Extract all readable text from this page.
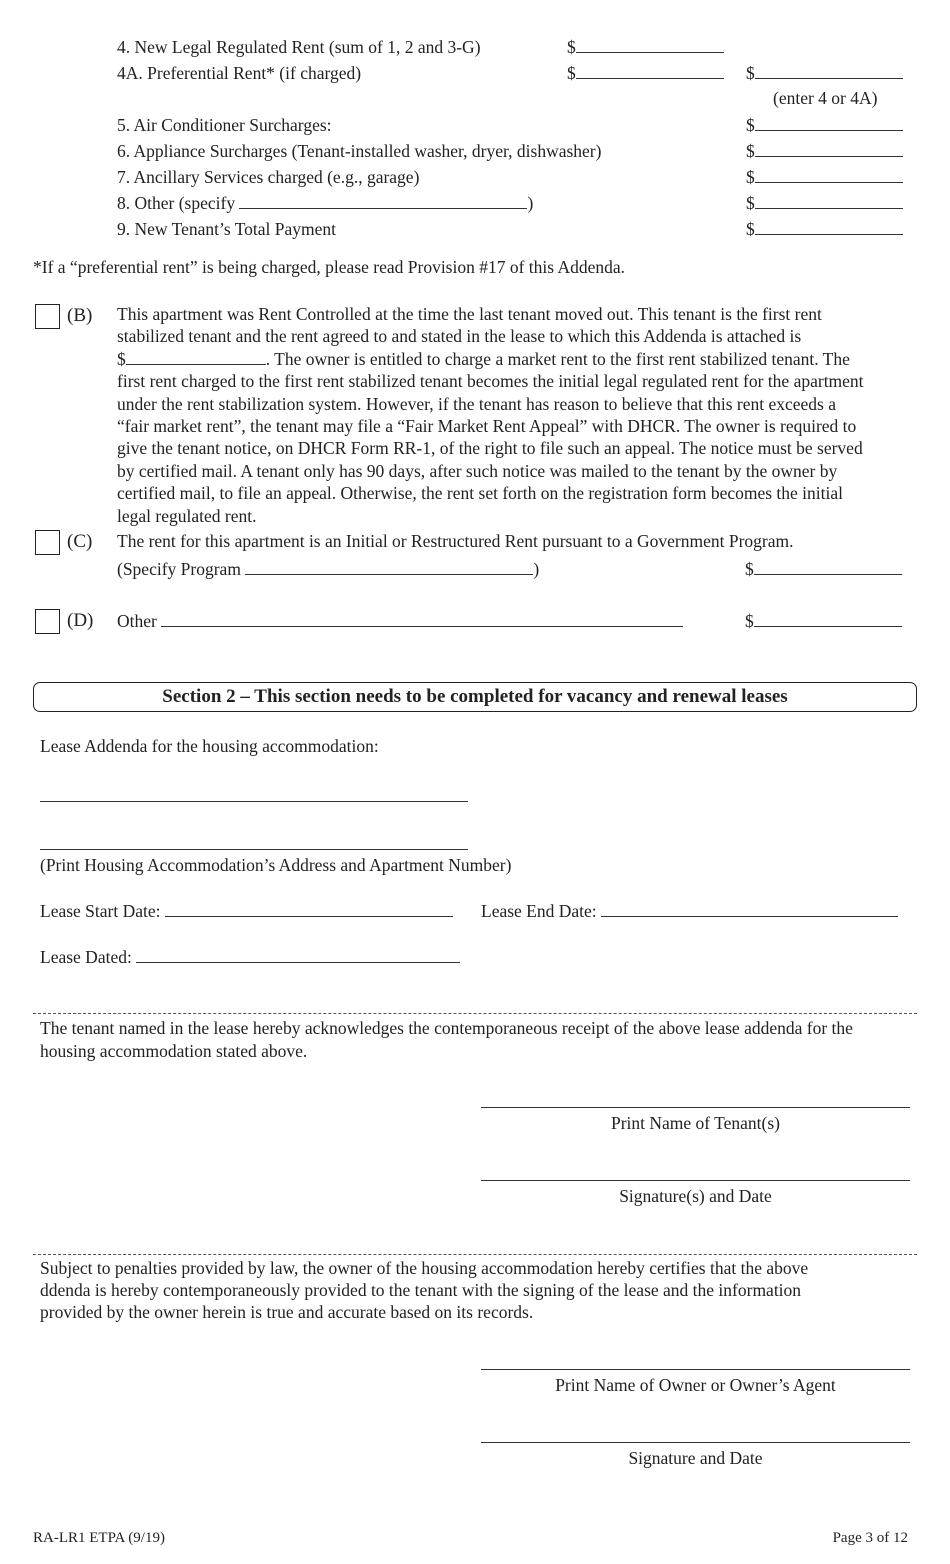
4. New Legal Regulated Rent (sum of 1, 2 and 3-G)	$
4A. Preferential Rent* (if charged)	$	$
(enter 4 or 4A)
5. Air Conditioner Surcharges:	$
6. Appliance Surcharges (Tenant-installed washer, dryer, dishwasher)	$
7. Ancillary Services charged (e.g., garage)	$
8. Other (specify	)	$
9. New Tenant’s Total Payment	$
*If a “preferential rent” is being charged, please read Provision #17 of this Addenda.
(B) This apartment was Rent Controlled at the time the last tenant moved out. This tenant is the first rent
stabilized tenant and the rent agreed to and stated in the lease to which this Addenda is attached is
$	. The owner is entitled to charge a market rent to the first rent stabilized tenant. The
first rent charged to the first rent stabilized tenant becomes the initial legal regulated rent for the apartment
under the rent stabilization system. However, if the tenant has reason to believe that this rent exceeds a
“fair market rent”, the tenant may file a “Fair Market Rent Appeal” with DHCR. The owner is required to
give the tenant notice, on DHCR Form RR-1, of the right to file such an appeal. The notice must be served
by certified mail. A tenant only has 90 days, after such notice was mailed to the tenant by the owner by
certified mail, to file an appeal. Otherwise, the rent set forth on the registration form becomes the initial
legal regulated rent.
(C) The rent for this apartment is an Initial or Restructured Rent pursuant to a Government Program.
(Specify Program	)	$
(D) Other	$
Section 2 – This section needs to be completed for vacancy and renewal leases
Lease Addenda for the housing accommodation:
(Print Housing Accommodation’s Address and Apartment Number)
Lease Start Date:	Lease End Date:
Lease Dated:
The tenant named in the lease hereby acknowledges the contemporaneous receipt of the above lease addenda for the
housing accommodation stated above.
Print Name of Tenant(s)
Signature(s) and Date
Subject to penalties provided by law, the owner of the housing accommodation hereby certifies that the above
ddenda is hereby contemporaneously provided to the tenant with the signing of the lease and the information
provided by the owner herein is true and accurate based on its records.
Print Name of Owner or Owner’s Agent
Signature and Date
RA-LR1 ETPA (9/19)	Page 3 of 12
